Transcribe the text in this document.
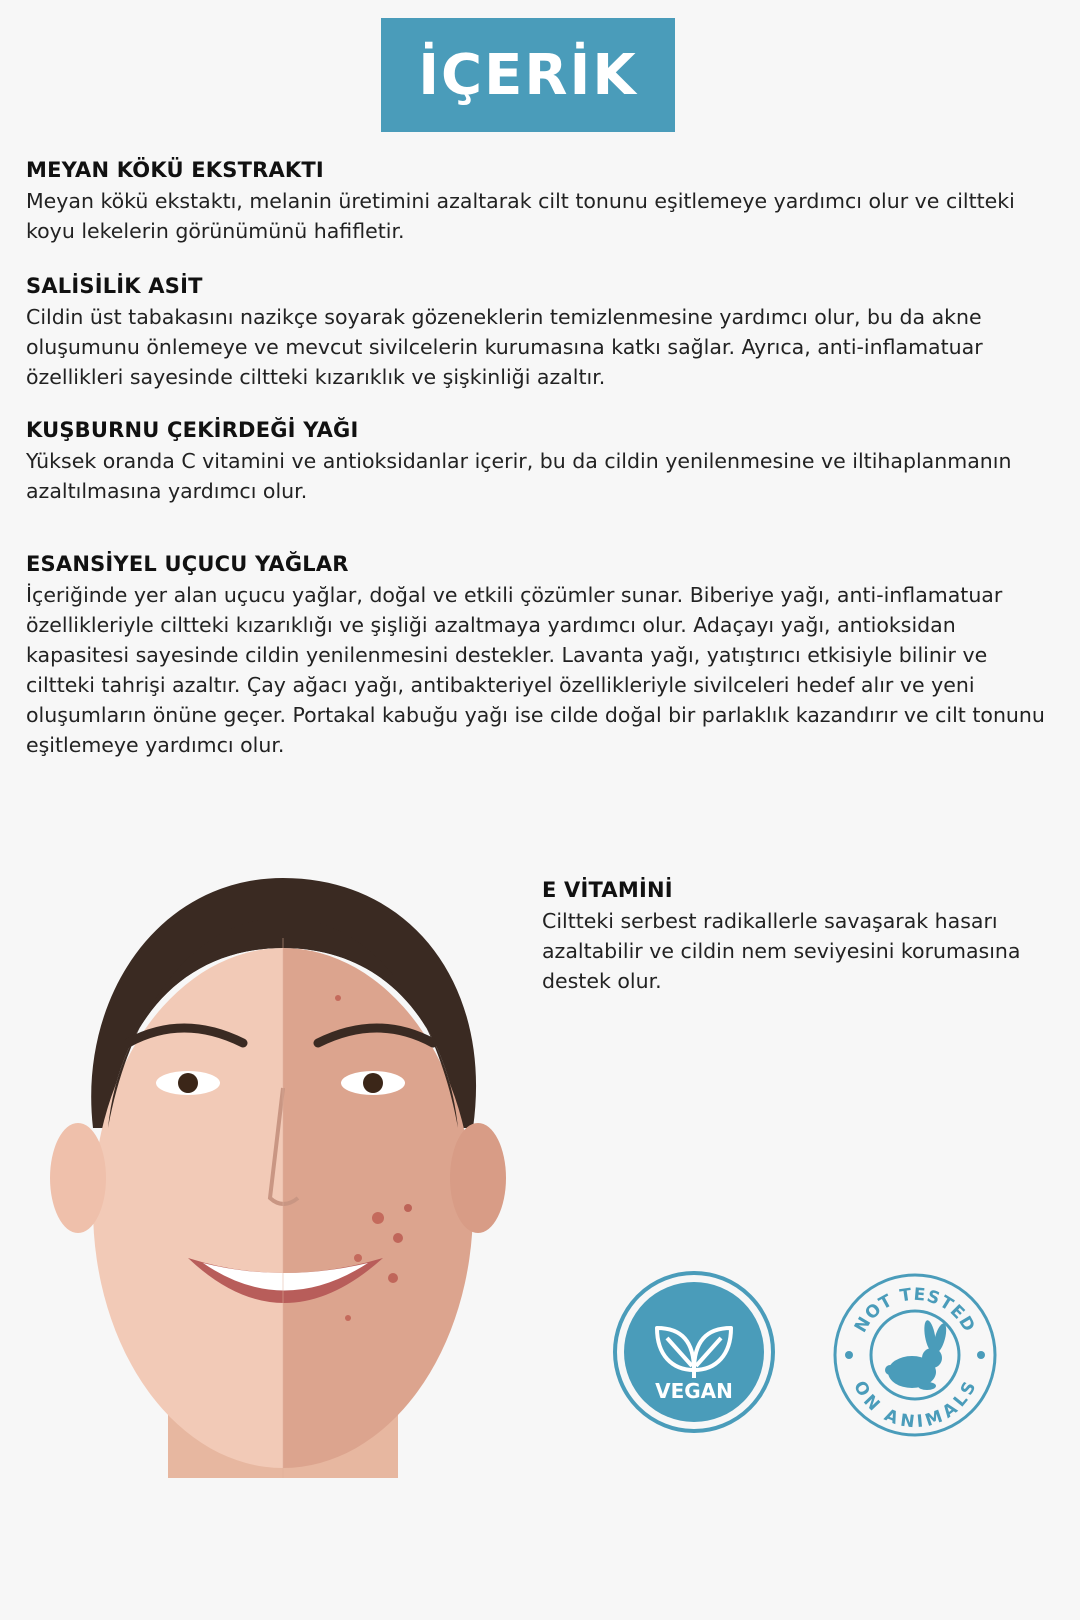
İÇERİK
MEYAN KÖKÜ EKSTRAKTI

Meyan kökü ekstaktı, melanin üretimini azaltarak cilt tonunu eşitlemeye yardımcı olur ve ciltteki koyu lekelerin görünümünü hafifletir.

SALİSİLİK ASİT

Cildin üst tabakasını nazikçe soyarak gözeneklerin temizlenmesine yardımcı olur, bu da akne oluşumunu önlemeye ve mevcut sivilcelerin kurumasına katkı sağlar. Ayrıca, anti-inflamatuar özellikleri sayesinde ciltteki kızarıklık ve şişkinliği azaltır.

KUŞBURNU ÇEKİRDEĞİ YAĞI

Yüksek oranda C vitamini ve antioksidanlar içerir, bu da cildin yenilenmesine ve iltihaplanmanın azaltılmasına yardımcı olur.

ESANSİYEL UÇUCU YAĞLAR

İçeriğinde yer alan uçucu yağlar, doğal ve etkili çözümler sunar. Biberiye yağı, anti-inflamatuar özellikleriyle ciltteki kızarıklığı ve şişliği azaltmaya yardımcı olur. Adaçayı yağı, antioksidan kapasitesi sayesinde cildin yenilenmesini destekler. Lavanta yağı, yatıştırıcı etkisiyle bilinir ve ciltteki tahrişi azaltır. Çay ağacı yağı, antibakteriyel özellikleriyle sivilceleri hedef alır ve yeni oluşumların önüne geçer. Portakal kabuğu yağı ise cilde doğal bir parlaklık kazandırır ve cilt tonunu eşitlemeye yardımcı olur.

E VİTAMİNİ

Ciltteki serbest radikallerle savaşarak hasarı azaltabilir ve cildin nem seviyesini korumasına destek olur.

VEGAN
NOT TESTED
ON ANIMALS
